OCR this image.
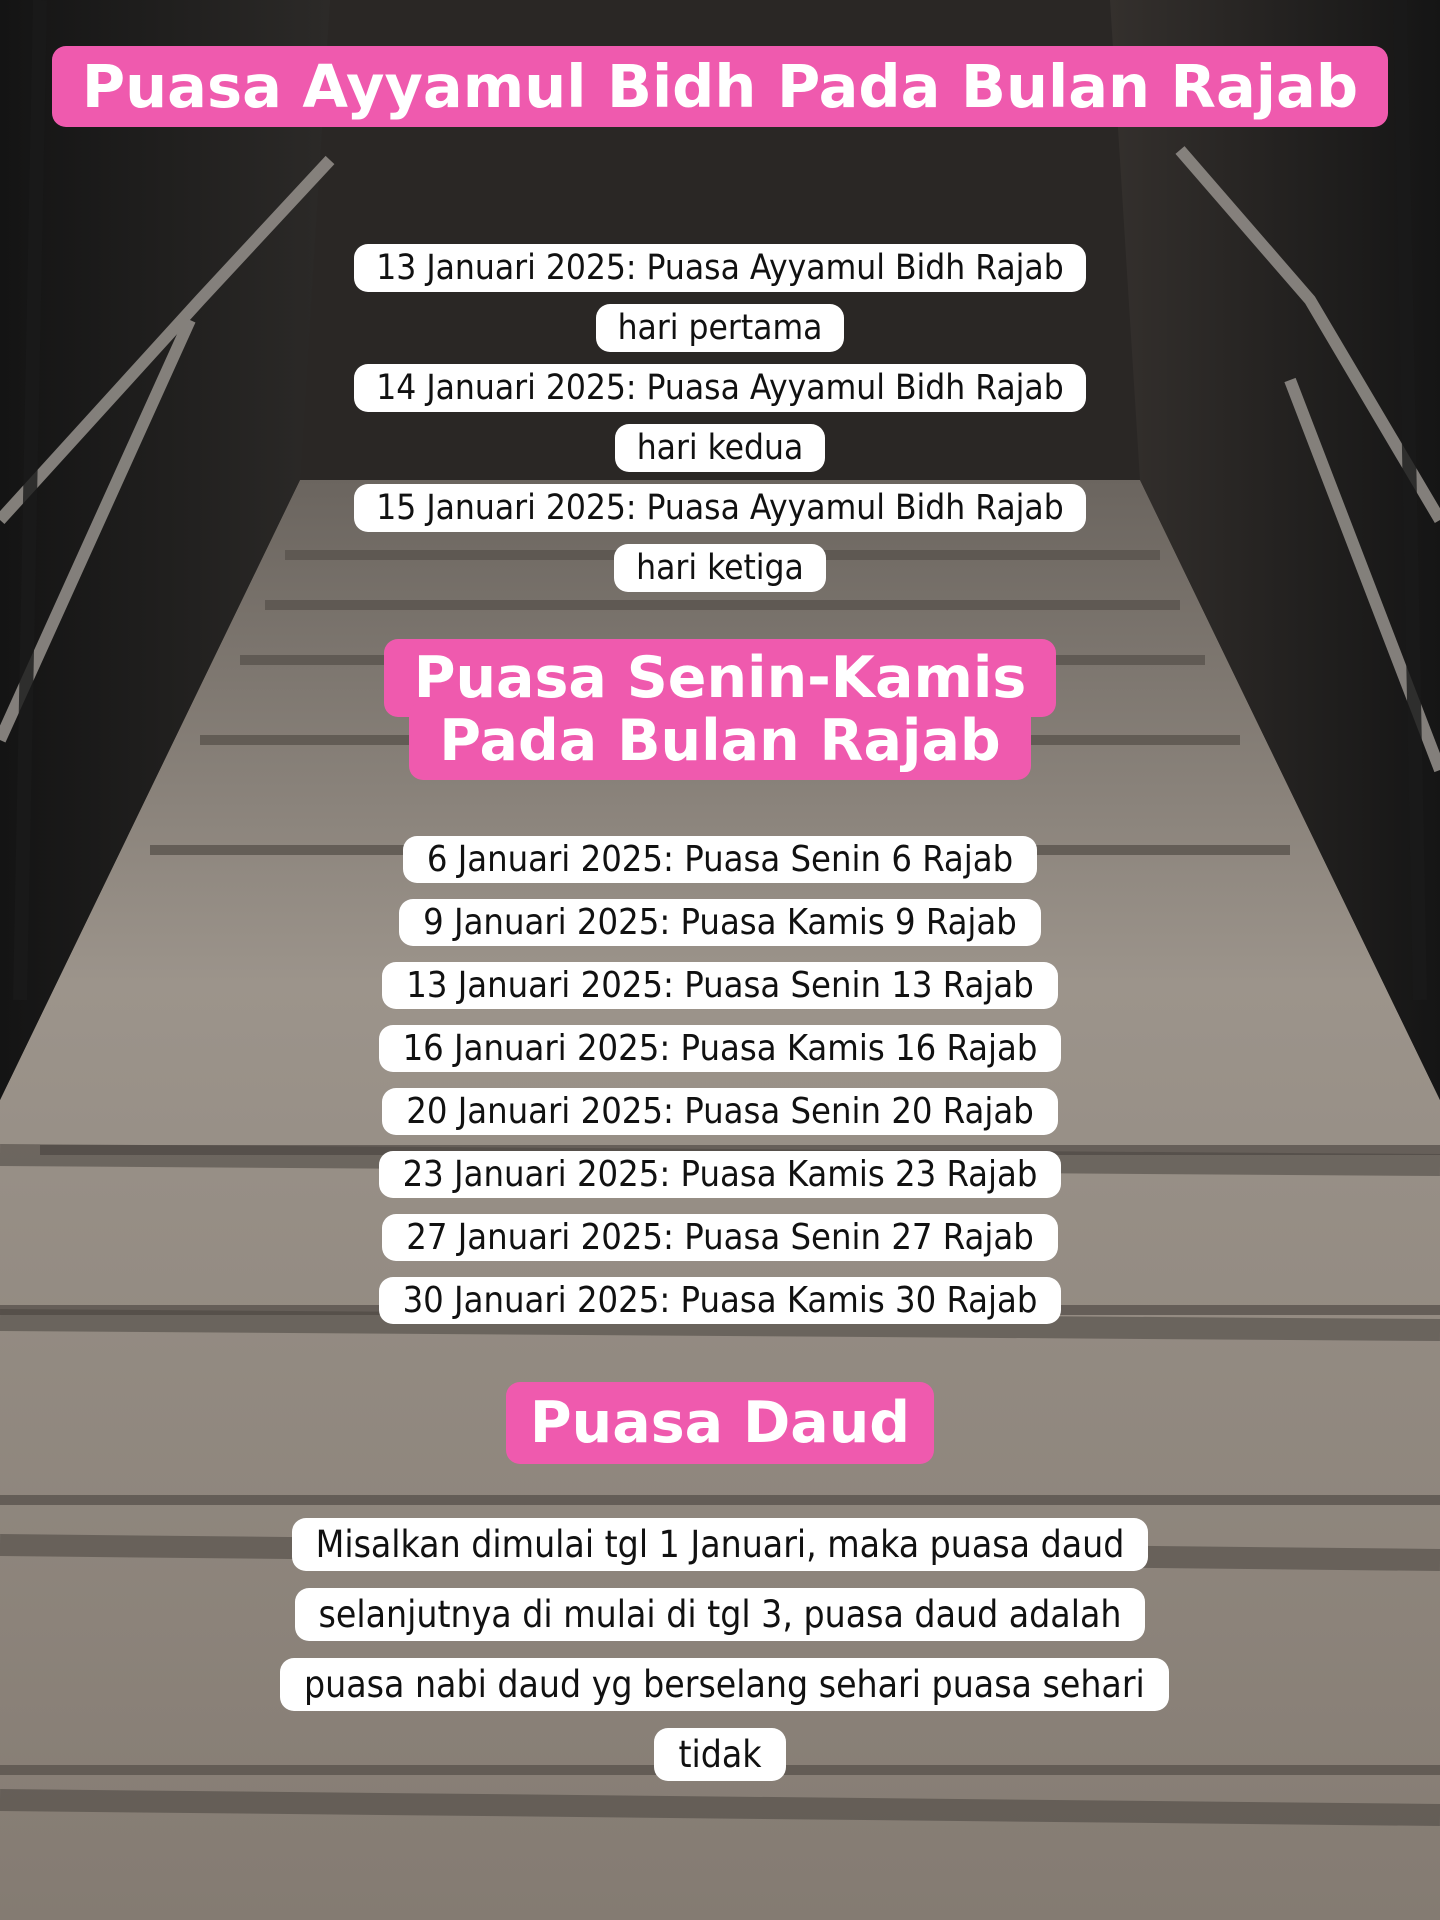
Puasa Ayyamul Bidh Pada Bulan Rajab
13 Januari 2025: Puasa Ayyamul Bidh Rajab hari pertama
14 Januari 2025: Puasa Ayyamul Bidh Rajab hari kedua
15 Januari 2025: Puasa Ayyamul Bidh Rajab hari ketiga
Puasa Senin-Kamis Pada Bulan Rajab
6 Januari 2025: Puasa Senin 6 Rajab
9 Januari 2025: Puasa Kamis 9 Rajab
13 Januari 2025: Puasa Senin 13 Rajab
16 Januari 2025: Puasa Kamis 16 Rajab
20 Januari 2025: Puasa Senin 20 Rajab
23 Januari 2025: Puasa Kamis 23 Rajab
27 Januari 2025: Puasa Senin 27 Rajab
30 Januari 2025: Puasa Kamis 30 Rajab
Puasa Daud
Misalkan dimulai tgl 1 Januari, maka puasa daud selanjutnya di mulai di tgl 3, puasa daud adalah puasa nabi daud yg berselang sehari puasa sehari tidak
